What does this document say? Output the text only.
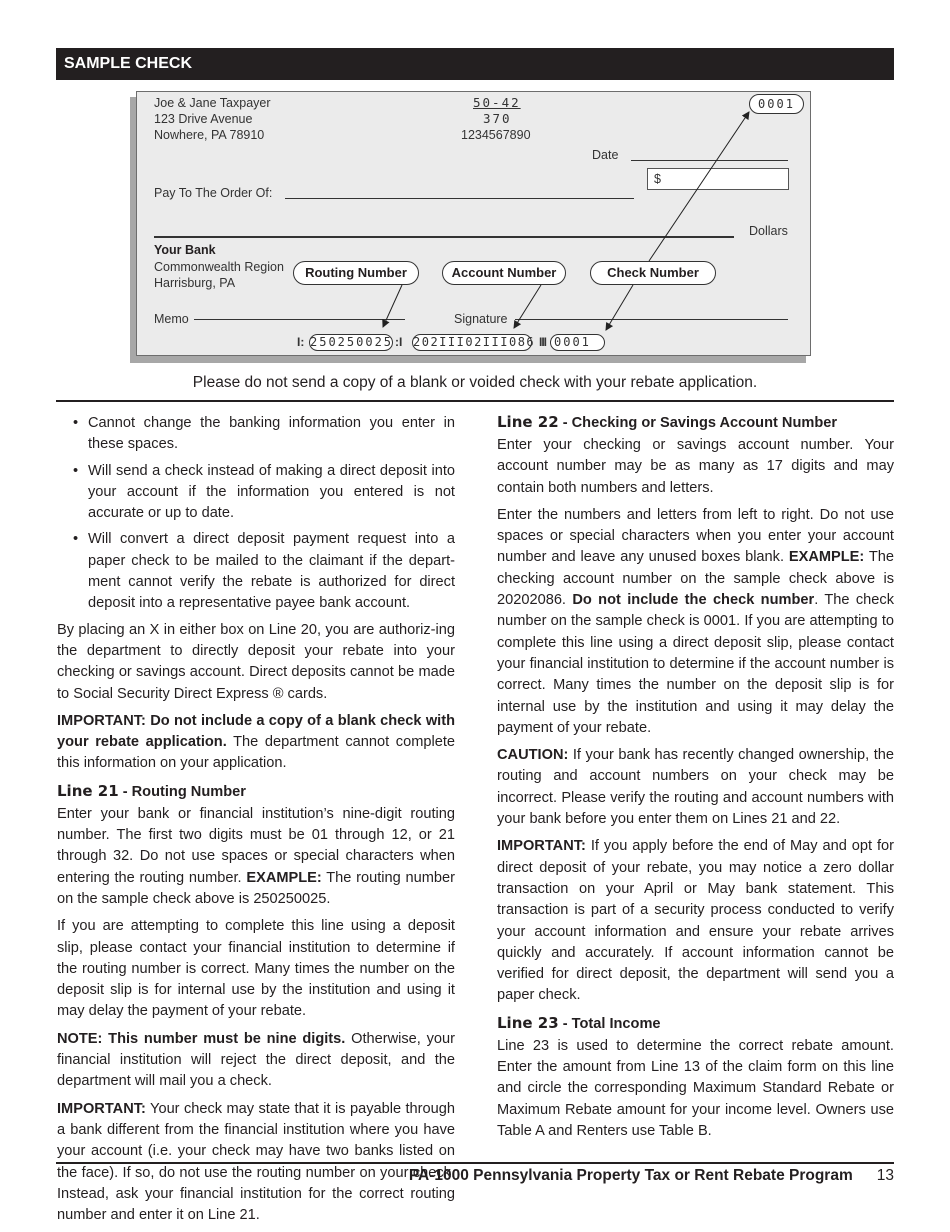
SAMPLE CHECK
Joe & Jane Taxpayer
123 Drive Avenue
Nowhere, PA 78910
50-42
370
1234567890
0001
Date
$
Pay To The Order Of:
Dollars
Your Bank
Commonwealth Region
Harrisburg, PA
Routing Number	Account Number	Check Number
Memo	Signature
I: 250250025 :I 202III02III086 III 0001
Please do not send a copy of a blank or voided check with your rebate application.
• Cannot change the banking information you enter in these spaces.
• Will send a check instead of making a direct deposit into your account if the information you entered is not accurate or up to date.
• Will convert a direct deposit payment request into a paper check to be mailed to the claimant if the depart-ment cannot verify the rebate is authorized for direct deposit into a representative payee bank account.

By placing an X in either box on Line 20, you are authoriz-ing the department to directly deposit your rebate into your checking or savings account. Direct deposits cannot be made to Social Security Direct Express ® cards.

IMPORTANT: Do not include a copy of a blank check with your rebate application. The department cannot complete this information on your application.

Line 21 - Routing Number

Enter your bank or financial institution’s nine-digit routing number. The first two digits must be 01 through 12, or 21 through 32. Do not use spaces or special characters when entering the routing number. EXAMPLE: The routing number on the sample check above is 250250025.

If you are attempting to complete this line using a deposit slip, please contact your financial institution to determine if the routing number is correct. Many times the number on the deposit slip is for internal use by the institution and using it may delay the payment of your rebate.

NOTE: This number must be nine digits. Otherwise, your financial institution will reject the direct deposit, and the department will mail you a check.

IMPORTANT: Your check may state that it is payable through a bank different from the financial institution where you have your account (i.e. your check may have two banks listed on the face). If so, do not use the routing number on your check. Instead, ask your financial institution for the correct routing number and enter it on Line 21.

Line 22 - Checking or Savings Account Number

Enter your checking or savings account number. Your account number may be as many as 17 digits and may contain both numbers and letters.

Enter the numbers and letters from left to right. Do not use spaces or special characters when you enter your account number and leave any unused boxes blank. EXAMPLE: The checking account number on the sample check above is 20202086. Do not include the check number. The check number on the sample check is 0001. If you are attempting to complete this line using a direct deposit slip, please contact your financial institution to determine if the account number is correct. Many times the number on the deposit slip is for internal use by the institution and using it may delay the payment of your rebate.

CAUTION: If your bank has recently changed ownership, the routing and account numbers on your check may be incorrect. Please verify the routing and account numbers with your bank before you enter them on Lines 21 and 22.

IMPORTANT: If you apply before the end of May and opt for direct deposit of your rebate, you may notice a zero dollar transaction on your April or May bank statement. This transaction is part of a security process conducted to verify your account information and ensure your rebate arrives quickly and accurately. If account information cannot be verified for direct deposit, the department will send you a paper check.

Line 23 - Total Income

Line 23 is used to determine the correct rebate amount. Enter the amount from Line 13 of the claim form on this line and circle the corresponding Maximum Standard Rebate or Maximum Rebate amount for your income level. Owners use Table A and Renters use Table B.

PA-1000 Pennsylvania Property Tax or Rent Rebate Program 13
